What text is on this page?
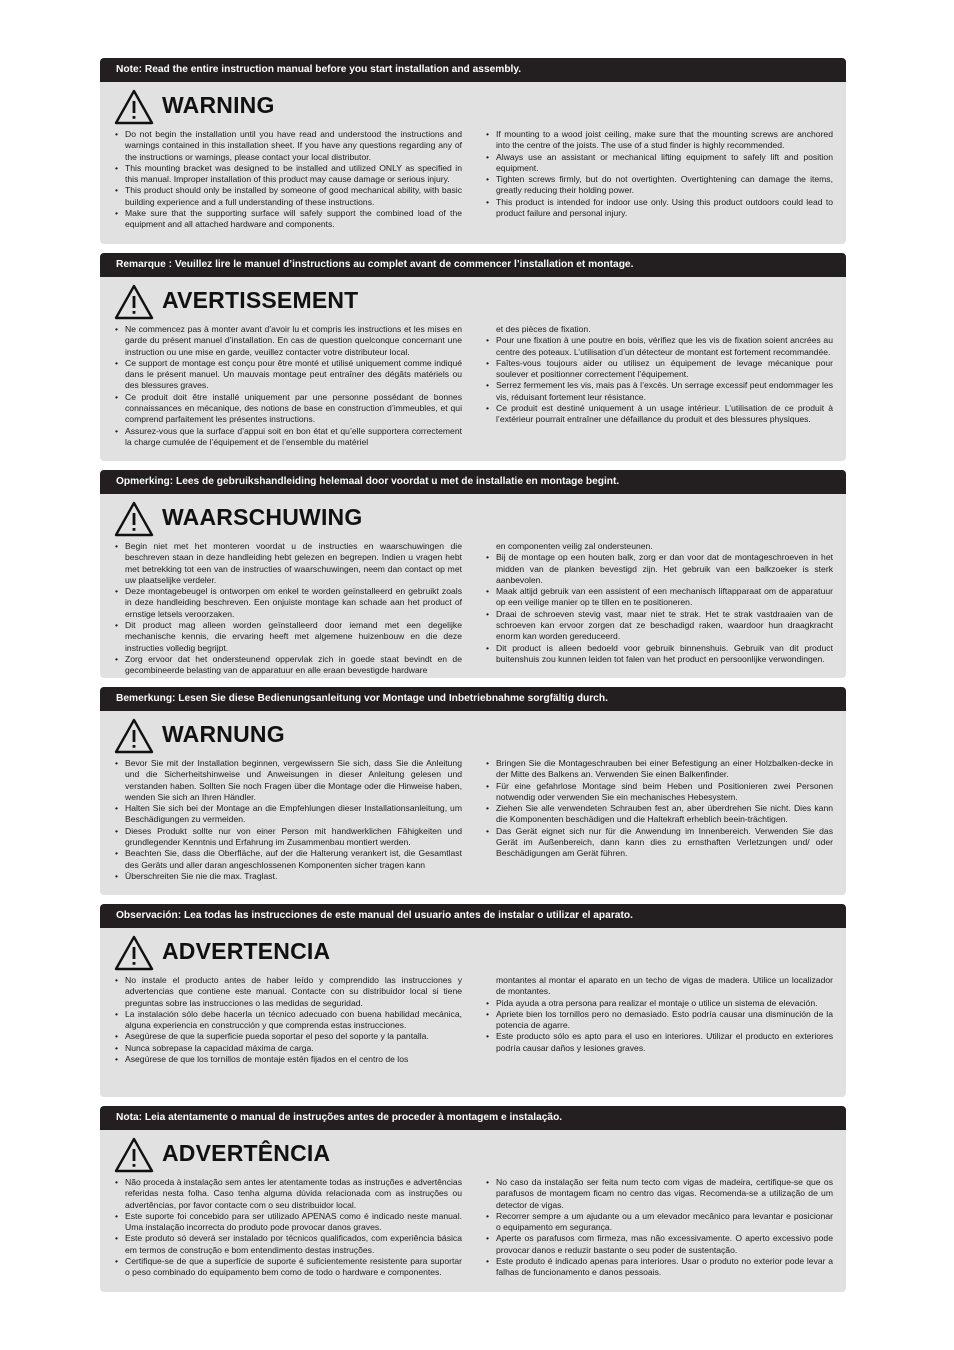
Note: Read the entire instruction manual before you start installation and assembly.
WARNING
• Do not begin the installation until you have read and understood the instructions and warnings contained in this installation sheet. If you have any questions regarding any of the instructions or warnings, please contact your local distributor.
• This mounting bracket was designed to be installed and utilized ONLY as specified in this manual. Improper installation of this product may cause damage or serious injury.
• This product should only be installed by someone of good mechanical ability, with basic building experience and a full understanding of these instructions.
• Make sure that the supporting surface will safely support the combined load of the equipment and all attached hardware and components.
• If mounting to a wood joist ceiling, make sure that the mounting screws are anchored into the centre of the joists. The use of a stud finder is highly recommended.
• Always use an assistant or mechanical lifting equipment to safely lift and position equipment.
• Tighten screws firmly, but do not overtighten. Overtightening can damage the items, greatly reducing their holding power.
• This product is intended for indoor use only. Using this product outdoors could lead to product failure and personal injury.
Remarque : Veuillez lire le manuel d’instructions au complet avant de commencer l’installation et montage.
AVERTISSEMENT
• Ne commencez pas à monter avant d’avoir lu et compris les instructions et les mises en garde du présent manuel d’installation. En cas de question quelconque concernant une instruction ou une mise en garde, veuillez contacter votre distributeur local.
• Ce support de montage est conçu pour être monté et utilisé uniquement comme indiqué dans le présent manuel. Un mauvais montage peut entraîner des dégâts matériels ou des blessures graves.
• Ce produit doit être installé uniquement par une personne possédant de bonnes connaissances en mécanique, des notions de base en construction d’immeubles, et qui comprend parfaitement les présentes instructions.
• Assurez-vous que la surface d’appui soit en bon état et qu’elle supportera correctement la charge cumulée de l’équipement et de l’ensemble du matériel
et des pièces de fixation.
• Pour une fixation à une poutre en bois, vérifiez que les vis de fixation soient ancrées au centre des poteaux. L’utilisation d’un détecteur de montant est fortement recommandée.
• Faîtes-vous toujours aider ou utilisez un équipement de levage mécanique pour soulever et positionner correctement l’équipement.
• Serrez fermement les vis, mais pas à l’excès. Un serrage excessif peut endommager les vis, réduisant fortement leur résistance.
• Ce produit est destiné uniquement à un usage intérieur. L’utilisation de ce produit à l’extérieur pourrait entraîner une défaillance du produit et des blessures physiques.
Opmerking: Lees de gebruikshandleiding helemaal door voordat u met de installatie en montage begint.
WAARSCHUWING
• Begin niet met het monteren voordat u de instructies en waarschuwingen die beschreven staan in deze handleiding hebt gelezen en begrepen. Indien u vragen hebt met betrekking tot een van de instructies of waarschuwingen, neem dan contact op met uw plaatselijke verdeler.
• Deze montagebeugel is ontworpen om enkel te worden geïnstalleerd en gebruikt zoals in deze handleiding beschreven. Een onjuiste montage kan schade aan het product of ernstige letsels veroorzaken.
• Dit product mag alleen worden geïnstalleerd door iemand met een degelijke mechanische kennis, die ervaring heeft met algemene huizenbouw en die deze instructies volledig begrijpt.
• Zorg ervoor dat het ondersteunend oppervlak zich in goede staat bevindt en de gecombineerde belasting van de apparatuur en alle eraan bevestigde hardware
en componenten veilig zal ondersteunen.
• Bij de montage op een houten balk, zorg er dan voor dat de montageschroeven in het midden van de planken bevestigd zijn. Het gebruik van een balkzoeker is sterk aanbevolen.
• Maak altijd gebruik van een assistent of een mechanisch liftapparaat om de apparatuur op een veilige manier op te tillen en te positioneren.
• Draai de schroeven stevig vast, maar niet te strak. Het te strak vastdraaien van de schroeven kan ervoor zorgen dat ze beschadigd raken, waardoor hun draagkracht enorm kan worden gereduceerd.
• Dit product is alleen bedoeld voor gebruik binnenshuis. Gebruik van dit product buitenshuis zou kunnen leiden tot falen van het product en persoonlijke verwondingen.
Bemerkung: Lesen Sie diese Bedienungsanleitung vor Montage und Inbetriebnahme sorgfältig durch.
WARNUNG
• Bevor Sie mit der Installation beginnen, vergewissern Sie sich, dass Sie die Anleitung und die Sicherheitshinweise und Anweisungen in dieser Anleitung gelesen und verstanden haben. Sollten Sie noch Fragen über die Montage oder die Hinweise haben, wenden Sie sich an Ihren Händler.
• Halten Sie sich bei der Montage an die Empfehlungen dieser Installationsanleitung, um Beschädigungen zu vermeiden.
• Dieses Produkt sollte nur von einer Person mit handwerklichen Fähigkeiten und grundlegender Kenntnis und Erfahrung im Zusammenbau montiert werden.
• Beachten Sie, dass die Oberfläche, auf der die Halterung verankert ist, die Gesamtlast des Geräts und aller daran angeschlossenen Komponenten sicher tragen kann
• Überschreiten Sie nie die max. Traglast.
• Bringen Sie die Montageschrauben bei einer Befestigung an einer Holzbalken-decke in der Mitte des Balkens an. Verwenden Sie einen Balkenfinder.
• Für eine gefahrlose Montage sind beim Heben und Positionieren zwei Personen notwendig oder verwenden Sie ein mechanisches Hebesystem.
• Ziehen Sie alle verwendeten Schrauben fest an, aber überdrehen Sie nicht. Dies kann die Komponenten beschädigen und die Haltekraft erheblich beein-trächtigen.
• Das Gerät eignet sich nur für die Anwendung im Innenbereich. Verwenden Sie das Gerät im Außenbereich, dann kann dies zu ernsthaften Verletzungen und/ oder Beschädigungen am Gerät führen.
Observación: Lea todas las instrucciones de este manual del usuario antes de instalar o utilizar el aparato.
ADVERTENCIA
• No instale el producto antes de haber leído y comprendido las instrucciones y advertencias que contiene este manual. Contacte con su distribuidor local si tiene preguntas sobre las instrucciones o las medidas de seguridad.
• La instalación sólo debe hacerla un técnico adecuado con buena habilidad mecánica, alguna experiencia en construcción y que comprenda estas instrucciones.
• Asegúrese de que la superficie pueda soportar el peso del soporte y la pantalla.
• Nunca sobrepase la capacidad máxima de carga.
• Asegúrese de que los tornillos de montaje estén fijados en el centro de los
montantes al montar el aparato en un techo de vigas de madera. Utilice un localizador de montantes.
• Pida ayuda a otra persona para realizar el montaje o utilice un sistema de elevación.
• Apriete bien los tornillos pero no demasiado. Esto podría causar una disminución de la potencia de agarre.
• Este producto sólo es apto para el uso en interiores. Utilizar el producto en exteriores podría causar daños y lesiones graves.
Nota: Leia atentamente o manual de instruções antes de proceder à montagem e instalação.
ADVERTÊNCIA
• Não proceda à instalação sem antes ler atentamente todas as instruções e advertências referidas nesta folha. Caso tenha alguma dúvida relacionada com as instruções ou advertências, por favor contacte com o seu distribuidor local.
• Este suporte foi concebido para ser utilizado APENAS como é indicado neste manual. Uma instalação incorrecta do produto pode provocar danos graves.
• Este produto só deverá ser instalado por técnicos qualificados, com experiência básica em termos de construção e bom entendimento destas instruções.
• Certifique-se de que a superfície de suporte é suficientemente resistente para suportar o peso combinado do equipamento bem como de todo o hardware e componentes.
• No caso da instalação ser feita num tecto com vigas de madeira, certifique-se que os parafusos de montagem ficam no centro das vigas. Recomenda-se a utilização de um detector de vigas.
• Recorrer sempre a um ajudante ou a um elevador mecânico para levantar e posicionar o equipamento em segurança.
• Aperte os parafusos com firmeza, mas não excessivamente. O aperto excessivo pode provocar danos e reduzir bastante o seu poder de sustentação.
• Este produto é indicado apenas para interiores. Usar o produto no exterior pode levar a falhas de funcionamento e danos pessoais.
